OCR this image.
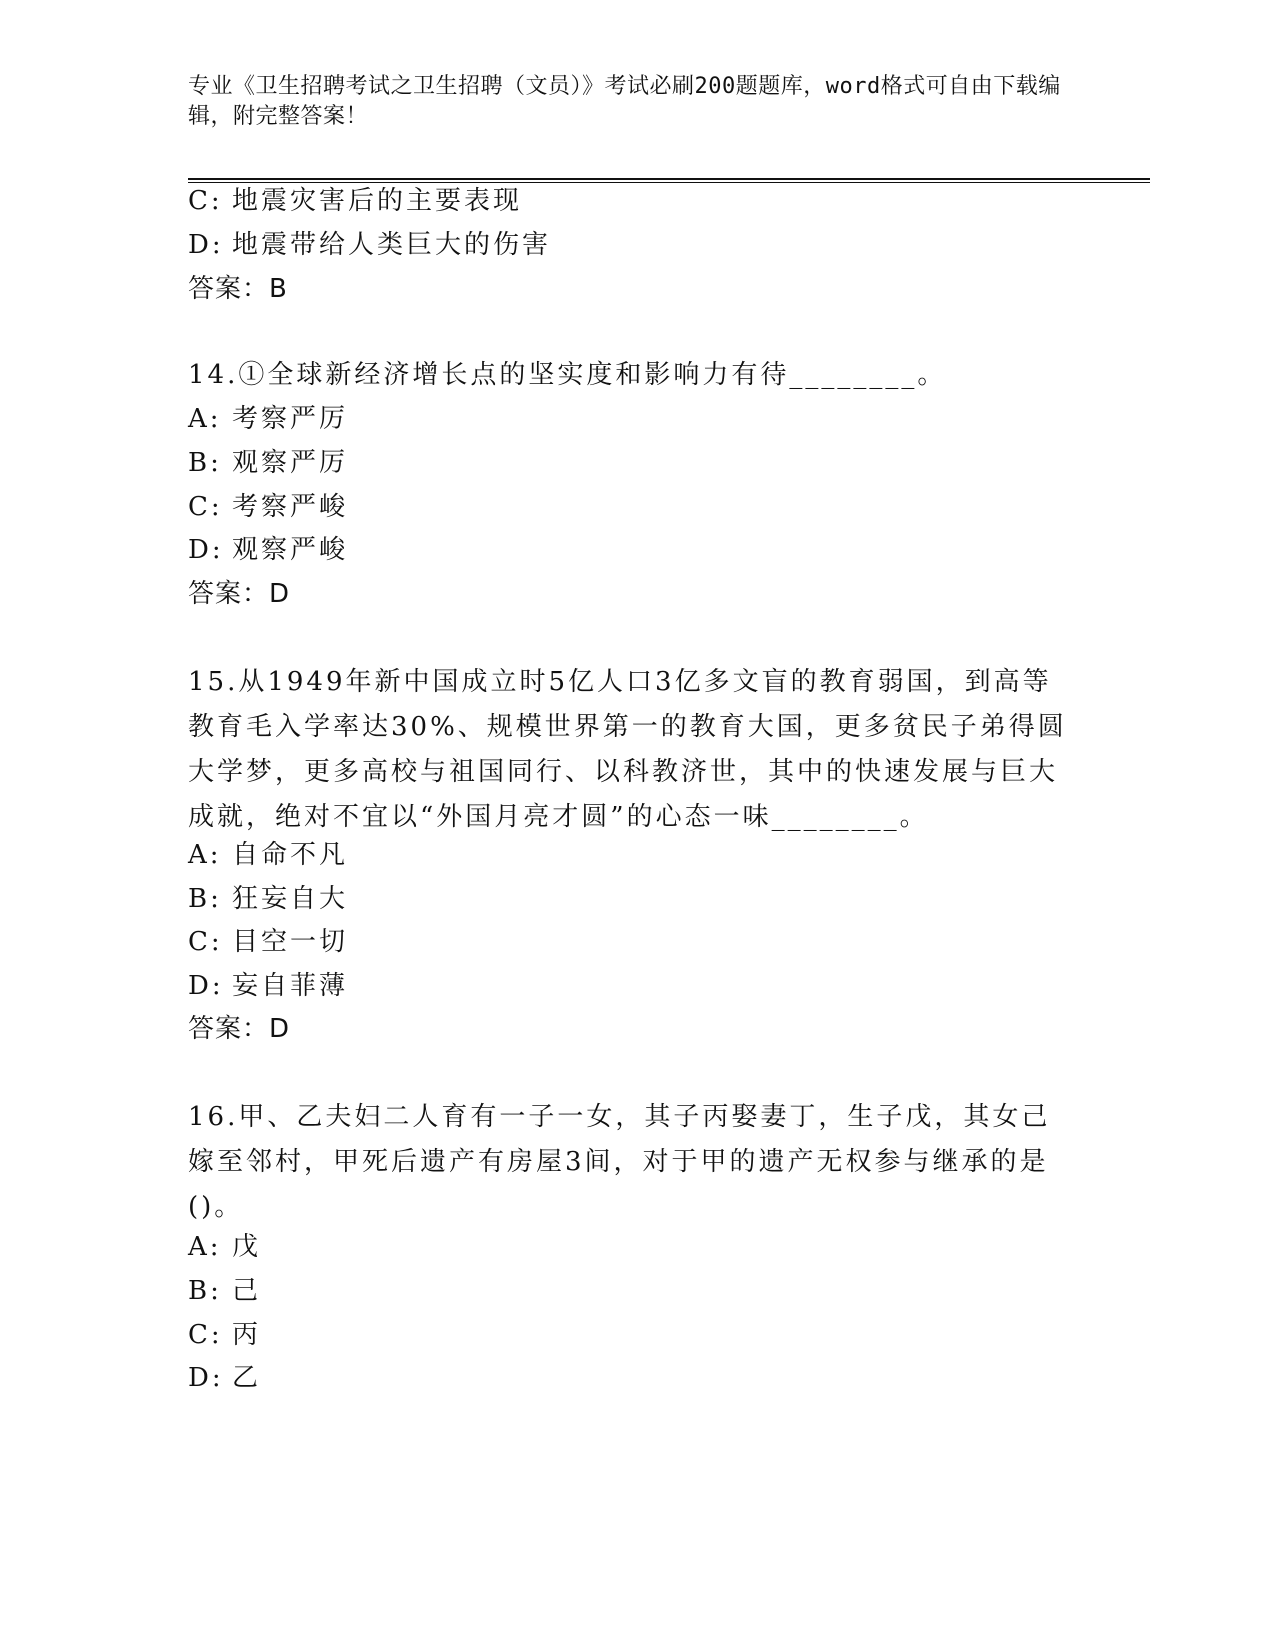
专业《卫生招聘考试之卫生招聘（文员）》考试必刷200题题库，word格式可自由下载编辑，附完整答案！
C: 地震灾害后的主要表现
D: 地震带给人类巨大的伤害
答案：B
14.①全球新经济增长点的坚实度和影响力有待________。
A: 考察严厉
B: 观察严厉
C: 考察严峻
D: 观察严峻
答案：D
15.从1949年新中国成立时5亿人口3亿多文盲的教育弱国，到高等教育毛入学率达30%、规模世界第一的教育大国，更多贫民子弟得圆大学梦，更多高校与祖国同行、以科教济世，其中的快速发展与巨大成就，绝对不宜以“外国月亮才圆”的心态一味________。
A: 自命不凡
B: 狂妄自大
C: 目空一切
D: 妄自菲薄
答案：D
16.甲、乙夫妇二人育有一子一女，其子丙娶妻丁，生子戊，其女己嫁至邻村，甲死后遗产有房屋3间，对于甲的遗产无权参与继承的是()。
A: 戊
B: 己
C: 丙
D: 乙
